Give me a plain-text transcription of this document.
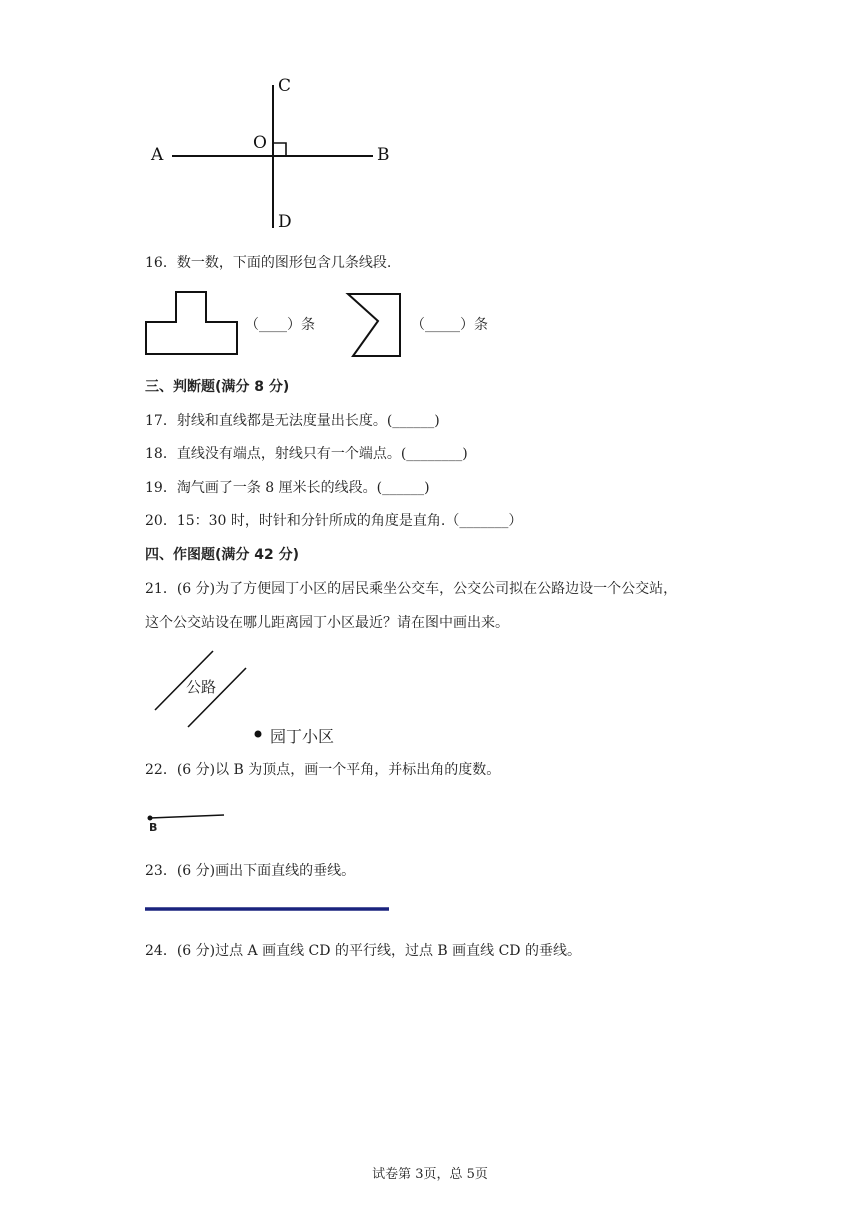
A	B
C
D
O
16．数一数，下面的图形包含几条线段.
（____）条	（_____）条
三、判断题(满分 8 分)
17．射线和直线都是无法度量出长度。(______)
18．直线没有端点，射线只有一个端点。(________)
19．淘气画了一条 8 厘米长的线段。(______)
20．15：30 时，时针和分针所成的角度是直角.（_______）
四、作图题(满分 42 分)
21．(6 分)为了方便园丁小区的居民乘坐公交车，公交公司拟在公路边设一个公交站，
这个公交站设在哪儿距离园丁小区最近？请在图中画出来。
公路
园丁小区
22．(6 分)以 B 为顶点，画一个平角，并标出角的度数。
B
23．(6 分)画出下面直线的垂线。
24．(6 分)过点 A 画直线 CD 的平行线，过点 B 画直线 CD 的垂线。
试卷第 3页，总 5页
